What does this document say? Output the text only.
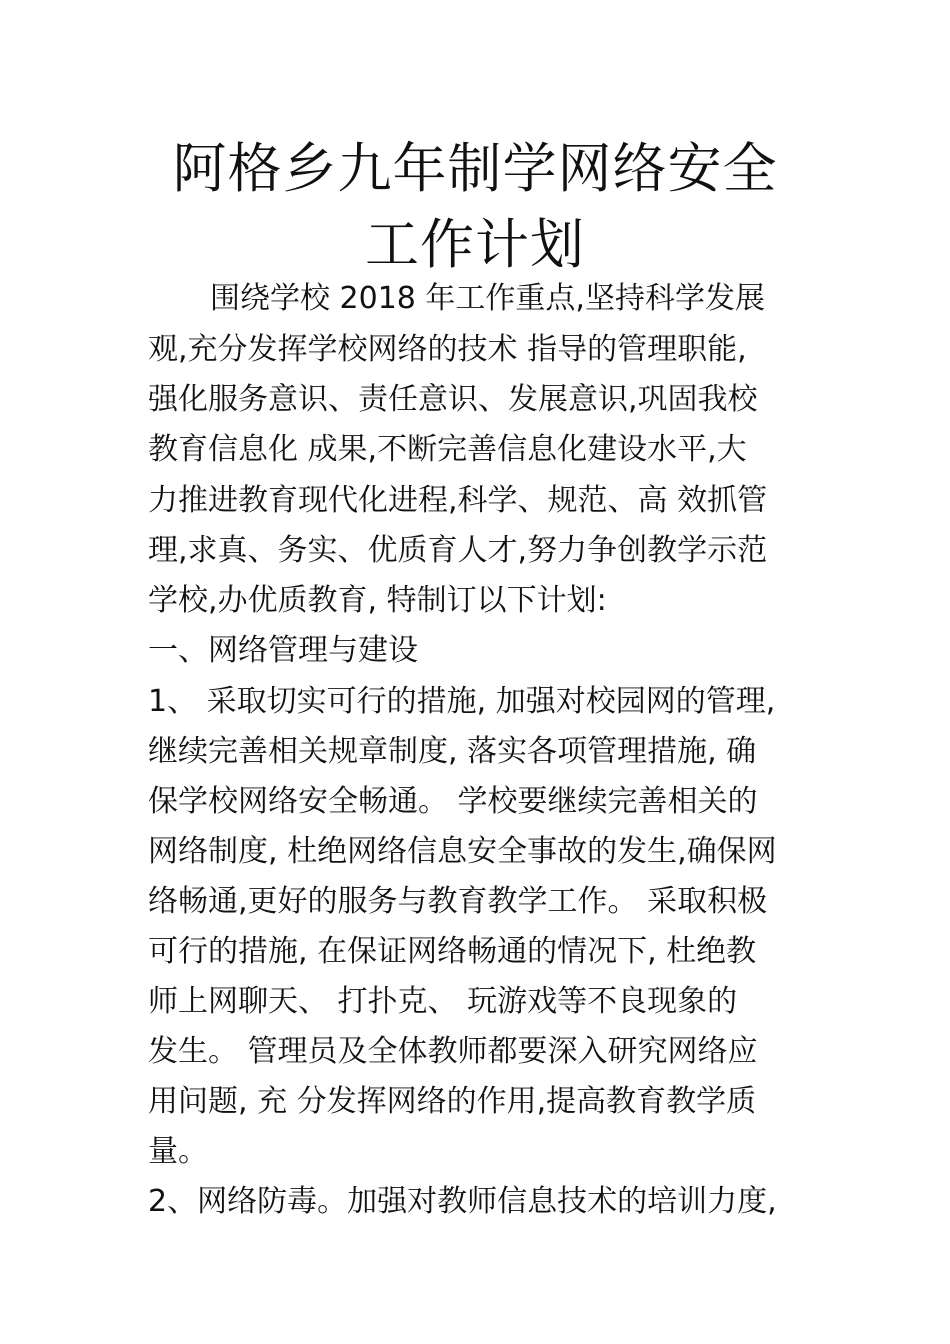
阿格乡九年制学网络安全
工作计划

围绕学校 2018 年工作重点,坚持科学发展

观,充分发挥学校网络的技术 指导的管理职能,

强化服务意识、责任意识、发展意识,巩固我校

教育信息化 成果,不断完善信息化建设水平,大

力推进教育现代化进程,科学、规范、高 效抓管

理,求真、务实、优质育人才,努力争创教学示范

学校,办优质教育, 特制订以下计划:

一、网络管理与建设

1、 采取切实可行的措施, 加强对校园网的管理,

继续完善相关规章制度, 落实各项管理措施, 确

保学校网络安全畅通。 学校要继续完善相关的

网络制度, 杜绝网络信息安全事故的发生,确保网

络畅通,更好的服务与教育教学工作。 采取积极

可行的措施, 在保证网络畅通的情况下, 杜绝教

师上网聊天、 打扑克、 玩游戏等不良现象的

发生。 管理员及全体教师都要深入研究网络应

用问题, 充 分发挥网络的作用,提高教育教学质

量。

2、网络防毒。加强对教师信息技术的培训力度,
